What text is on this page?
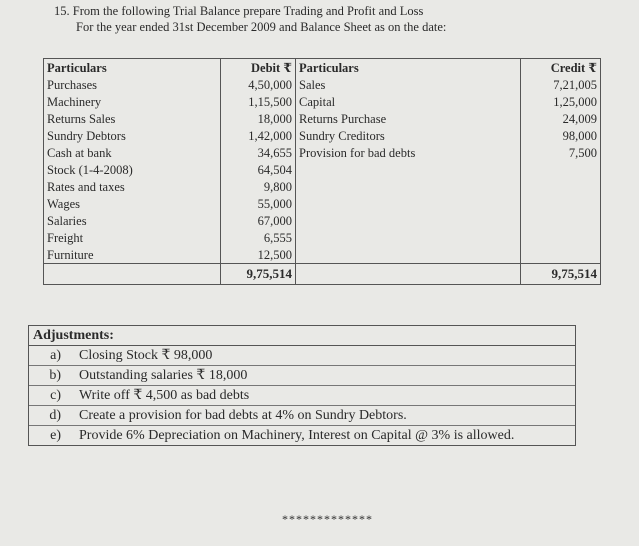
15. From the following Trial Balance prepare Trading and Profit and Loss
For the year ended 31st December 2009 and Balance Sheet as on the date:
Particulars	Debit ₹	Particulars	Credit ₹
Purchases	4,50,000	Sales	7,21,005
Machinery	1,15,500	Capital	1,25,000
Returns Sales	18,000	Returns Purchase	24,009
Sundry Debtors	1,42,000	Sundry Creditors	98,000
Cash at bank	34,655	Provision for bad debts	7,500
Stock (1-4-2008)	64,504		
Rates and taxes	9,800		
Wages	55,000		
Salaries	67,000		
Freight	6,555		
Furniture	12,500		
	9,75,514		9,75,514
Adjustments:
a)	Closing Stock ₹ 98,000
b)	Outstanding salaries ₹ 18,000
c)	Write off ₹ 4,500 as bad debts
d)	Create a provision for bad debts at 4% on Sundry Debtors.
e)	Provide 6% Depreciation on Machinery, Interest on Capital @ 3% is allowed.
*************
